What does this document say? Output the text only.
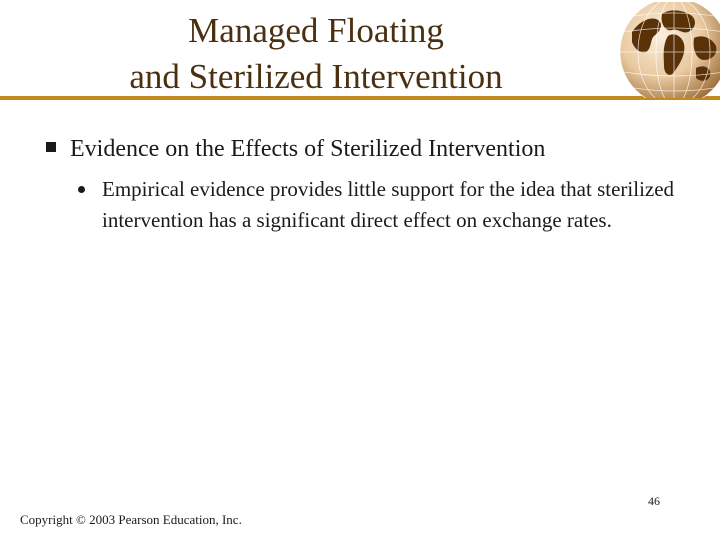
Managed Floating
and Sterilized Intervention
Evidence on the Effects of Sterilized Intervention
Empirical evidence provides little support for the idea that sterilized intervention has a significant direct effect on exchange rates.
46
Copyright © 2003 Pearson Education, Inc.
